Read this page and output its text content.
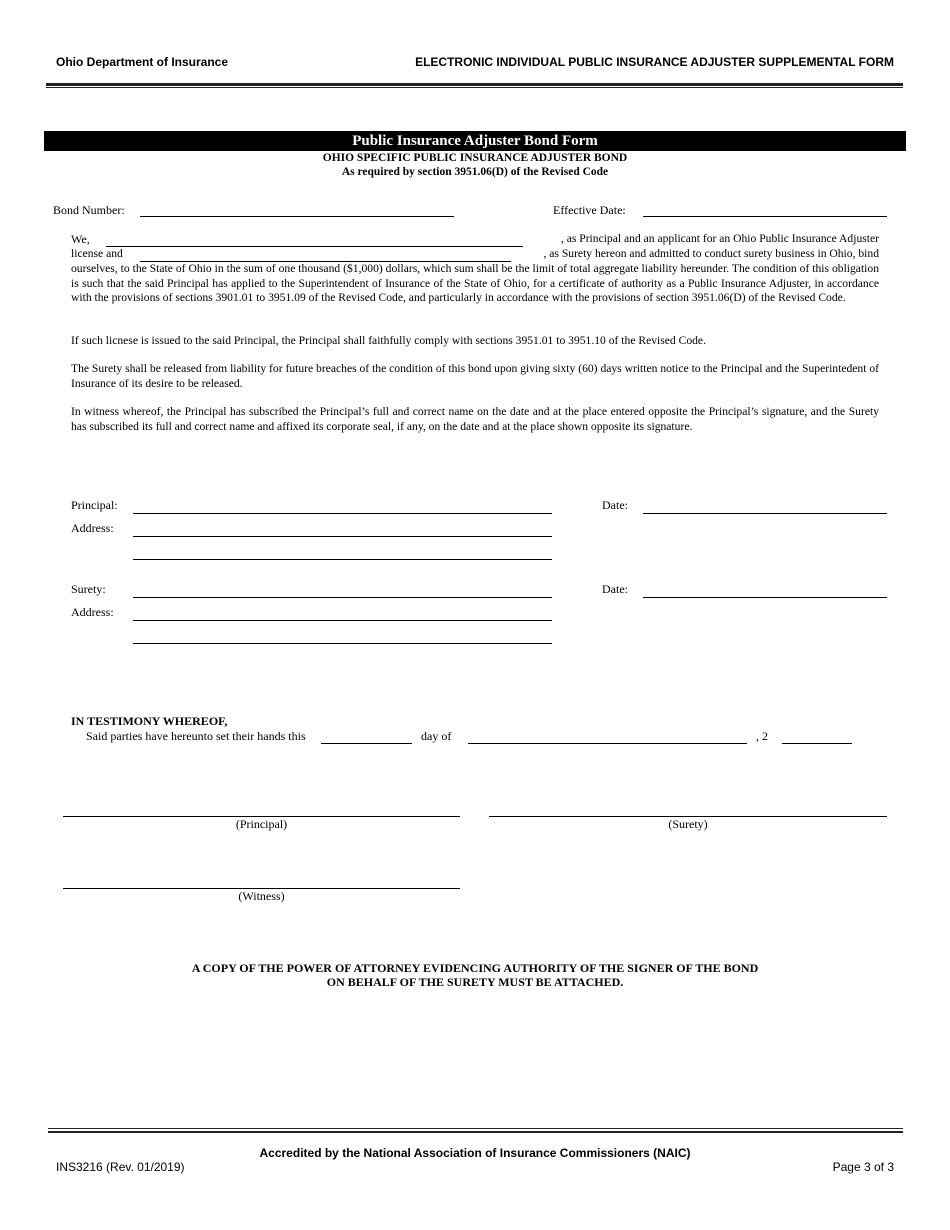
Ohio Department of Insurance	ELECTRONIC INDIVIDUAL PUBLIC INSURANCE ADJUSTER SUPPLEMENTAL FORM
Public Insurance Adjuster Bond Form
OHIO SPECIFIC PUBLIC INSURANCE ADJUSTER BOND
As required by section 3951.06(D) of the Revised Code
Bond Number:	Effective Date:
We,	, as Principal and an applicant for an Ohio Public Insurance Adjuster
license and	, as Surety hereon and admitted to conduct surety business in Ohio, bind
ourselves, to the State of Ohio in the sum of one thousand ($1,000) dollars, which sum shall be the limit of total aggregate liability hereunder. The condition of this obligation is such that the said Principal has applied to the Superintendent of Insurance of the State of Ohio, for a certificate of authority as a Public Insurance Adjuster, in accordance with the provisions of sections 3901.01 to 3951.09 of the Revised Code, and particularly in accordance with the provisions of section 3951.06(D) of the Revised Code.
If such licnese is issued to the said Principal, the Principal shall faithfully comply with sections 3951.01 to 3951.10 of the Revised Code.
The Surety shall be released from liability for future breaches of the condition of this bond upon giving sixty (60) days written notice to the Principal and the Superintedent of Insurance of its desire to be released.
In witness whereof, the Principal has subscribed the Principal’s full and correct name on the date and at the place entered opposite the Principal’s signature, and the Surety has subscribed its full and correct name and affixed its corporate seal, if any, on the date and at the place shown opposite its signature.
Principal:	Date:
Address:
Surety:	Date:
Address:
IN TESTIMONY WHEREOF,
Said parties have hereunto set their hands this	day of	, 2
(Principal)	(Surety)
(Witness)
A COPY OF THE POWER OF ATTORNEY EVIDENCING AUTHORITY OF THE SIGNER OF THE BOND
ON BEHALF OF THE SURETY MUST BE ATTACHED.
Accredited by the National Association of Insurance Commissioners (NAIC)
INS3216 (Rev. 01/2019)	Page 3 of 3
